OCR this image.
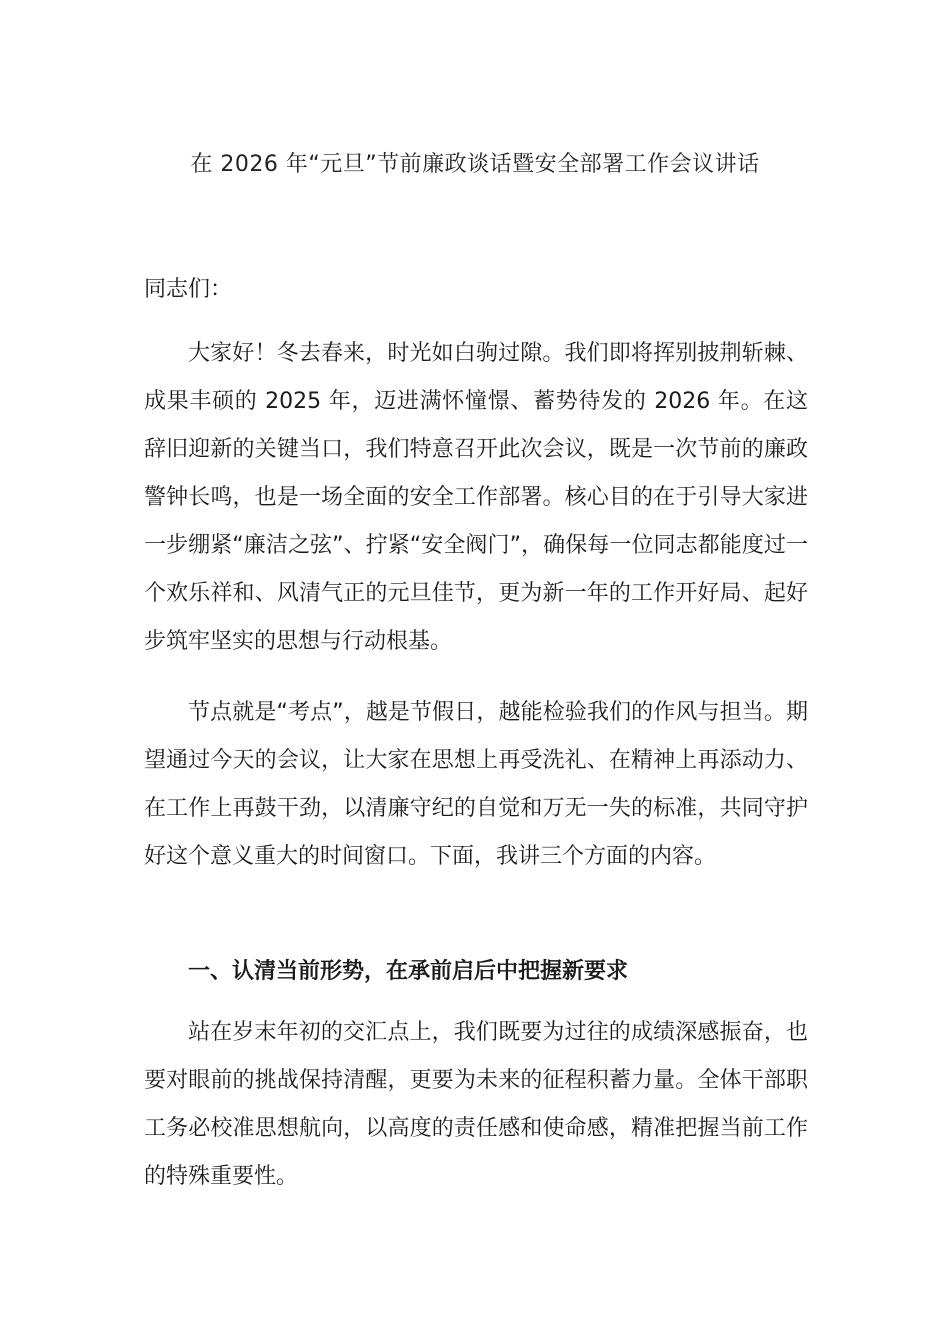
在 2026 年“元旦”节前廉政谈话暨安全部署工作会议讲话
同志们：
大家好！冬去春来，时光如白驹过隙。我们即将挥别披荆斩棘、成果丰硕的 2025 年，迈进满怀憧憬、蓄势待发的 2026 年。在这辞旧迎新的关键当口，我们特意召开此次会议，既是一次节前的廉政警钟长鸣，也是一场全面的安全工作部署。核心目的在于引导大家进一步绷紧“廉洁之弦”、拧紧“安全阀门”，确保每一位同志都能度过一个欢乐祥和、风清气正的元旦佳节，更为新一年的工作开好局、起好步筑牢坚实的思想与行动根基。
节点就是“考点”，越是节假日，越能检验我们的作风与担当。期望通过今天的会议，让大家在思想上再受洗礼、在精神上再添动力、在工作上再鼓干劲，以清廉守纪的自觉和万无一失的标准，共同守护好这个意义重大的时间窗口。下面，我讲三个方面的内容。
一、认清当前形势，在承前启后中把握新要求
站在岁末年初的交汇点上，我们既要为过往的成绩深感振奋，也要对眼前的挑战保持清醒，更要为未来的征程积蓄力量。全体干部职工务必校准思想航向，以高度的责任感和使命感，精准把握当前工作的特殊重要性。
